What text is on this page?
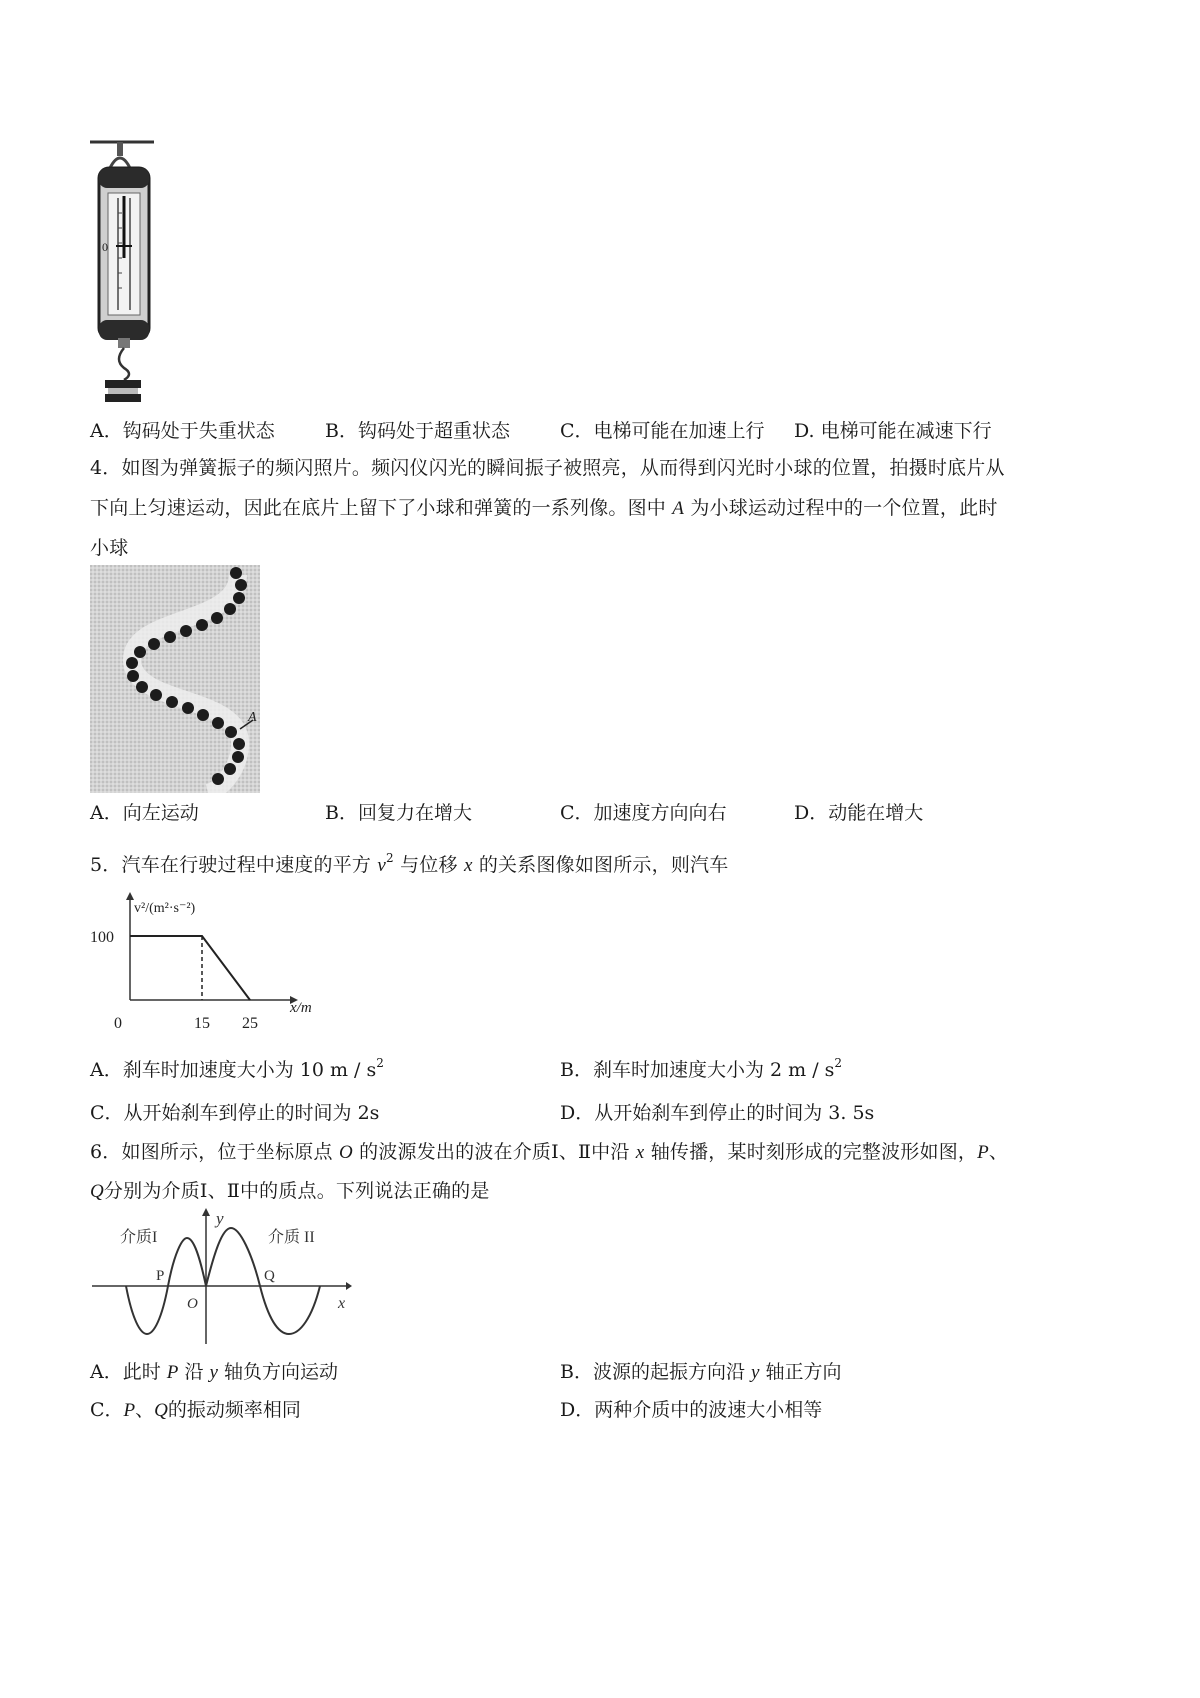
0
A．钩码处于失重状态	B．钩码处于超重状态	C．电梯可能在加速上行 D. 电梯可能在减速下行
4．如图为弹簧振子的频闪照片。频闪仪闪光的瞬间振子被照亮，从而得到闪光时小球的位置，拍摄时底片从
下向上匀速运动，因此在底片上留下了小球和弹簧的一系列像。图中 A 为小球运动过程中的一个位置，此时
小球
A
A．向左运动	B．回复力在增大	C．加速度方向向右	D．动能在增大
5．汽车在行驶过程中速度的平方 $v^2$ 与位移 x 的关系图像如图所示，则汽车
0	15 25
100
v²/(m²·s⁻²)
x/m
A．刹车时加速度大小为 10 m / $s^2$	B．刹车时加速度大小为 2 m / $s^2$
C．从开始刹车到停止的时间为 2s	D．从开始刹车到停止的时间为 3. 5s
6．如图所示，位于坐标原点 O 的波源发出的波在介质Ⅰ、Ⅱ中沿 x 轴传播，某时刻形成的完整波形如图，P、
Q分别为介质Ⅰ、Ⅱ中的质点。下列说法正确的是
介质I	介质 II
y
x
O
P	Q
A．此时 P 沿 y 轴负方向运动	B．波源的起振方向沿 y 轴正方向
C．P、Q的振动频率相同	D．两种介质中的波速大小相等
